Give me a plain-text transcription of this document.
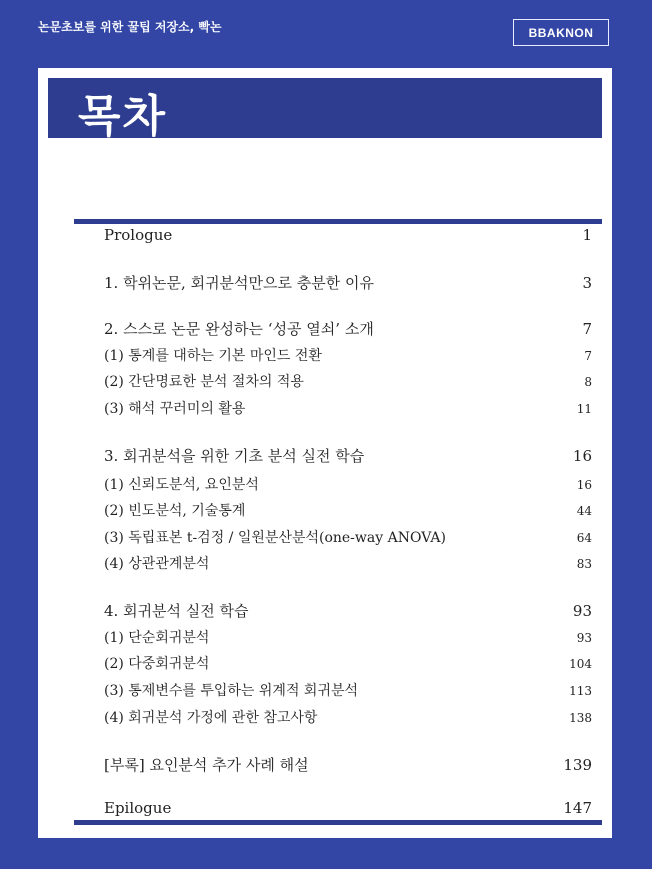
논문초보를 위한 꿀팁 저장소, 빡논	BBAKNON
목차
Prologue	1
1. 학위논문, 회귀분석만으로 충분한 이유	3
2. 스스로 논문 완성하는 ‘성공 열쇠’ 소개	7
(1) 통계를 대하는 기본 마인드 전환	7
(2) 간단명료한 분석 절차의 적용	8
(3) 해석 꾸러미의 활용	11
3. 회귀분석을 위한 기초 분석 실전 학습	16
(1) 신뢰도분석, 요인분석	16
(2) 빈도분석, 기술통계	44
(3) 독립표본 t-검정 / 일원분산분석(one-way ANOVA)	64
(4) 상관관계분석	83
4. 회귀분석 실전 학습	93
(1) 단순회귀분석	93
(2) 다중회귀분석	104
(3) 통제변수를 투입하는 위계적 회귀분석	113
(4) 회귀분석 가정에 관한 참고사항	138
[부록] 요인분석 추가 사례 해설	139
Epilogue	147
